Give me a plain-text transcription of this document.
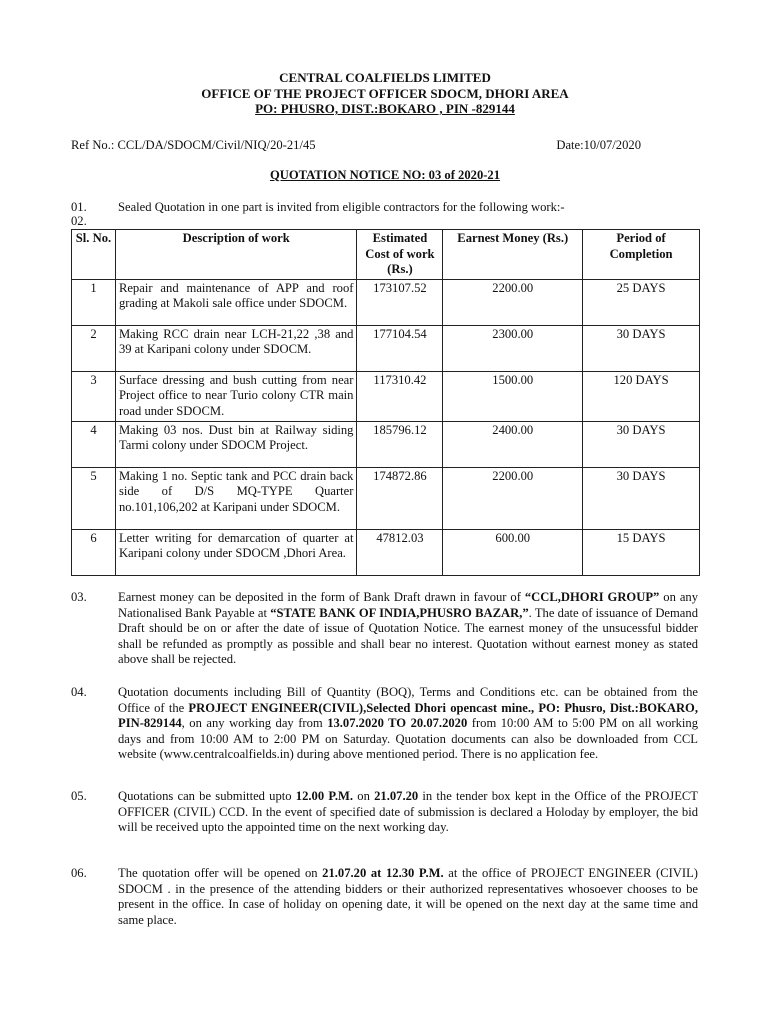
CENTRAL COALFIELDS LIMITED
OFFICE OF THE PROJECT OFFICER SDOCM, DHORI AREA
PO: PHUSRO, DIST.:BOKARO , PIN -829144
Ref No.: CCL/DA/SDOCM/Civil/NIQ/20-21/45	Date:10/07/2020
QUOTATION NOTICE NO: 03 of 2020-21
01. Sealed Quotation in one part is invited from eligible contractors for the following work:-
02.
Sl. No.	Description of work	Estimated Cost of work (Rs.)	Earnest Money (Rs.)	Period of Completion
1	Repair and maintenance of APP and roof grading at Makoli sale office under SDOCM.	173107.52	2200.00	25 DAYS
2	Making RCC drain near LCH-21,22 ,38 and 39 at Karipani colony under SDOCM.	177104.54	2300.00	30 DAYS
3	Surface dressing and bush cutting from near Project office to near Turio colony CTR main road under SDOCM.	117310.42	1500.00	120 DAYS
4	Making 03 nos. Dust bin at Railway siding Tarmi colony under SDOCM Project.	185796.12	2400.00	30 DAYS
5	Making 1 no. Septic tank and PCC drain back side of D/S MQ-TYPE Quarter no.101,106,202 at Karipani under SDOCM.	174872.86	2200.00	30 DAYS
6	Letter writing for demarcation of quarter at Karipani colony under SDOCM ,Dhori Area.	47812.03	600.00	15 DAYS
03. Earnest money can be deposited in the form of Bank Draft drawn in favour of “CCL,DHORI GROUP” on any Nationalised Bank Payable at “STATE BANK OF INDIA,PHUSRO BAZAR,”. The date of issuance of Demand Draft should be on or after the date of issue of Quotation Notice. The earnest money of the unsucessful bidder shall be refunded as promptly as possible and shall bear no interest. Quotation without earnest money as stated above shall be rejected.
04. Quotation documents including Bill of Quantity (BOQ), Terms and Conditions etc. can be obtained from the Office of the PROJECT ENGINEER(CIVIL),Selected Dhori opencast mine., PO: Phusro, Dist.:BOKARO, PIN-829144, on any working day from 13.07.2020 TO 20.07.2020 from 10:00 AM to 5:00 PM on all working days and from 10:00 AM to 2:00 PM on Saturday. Quotation documents can also be downloaded from CCL website (www.centralcoalfields.in) during above mentioned period. There is no application fee.
05. Quotations can be submitted upto 12.00 P.M. on 21.07.20 in the tender box kept in the Office of the PROJECT OFFICER (CIVIL) CCD. In the event of specified date of submission is declared a Holoday by employer, the bid will be received upto the appointed time on the next working day.
06. The quotation offer will be opened on 21.07.20 at 12.30 P.M. at the office of PROJECT ENGINEER (CIVIL) SDOCM . in the presence of the attending bidders or their authorized representatives whosoever chooses to be present in the office. In case of holiday on opening date, it will be opened on the next day at the same time and same place.
